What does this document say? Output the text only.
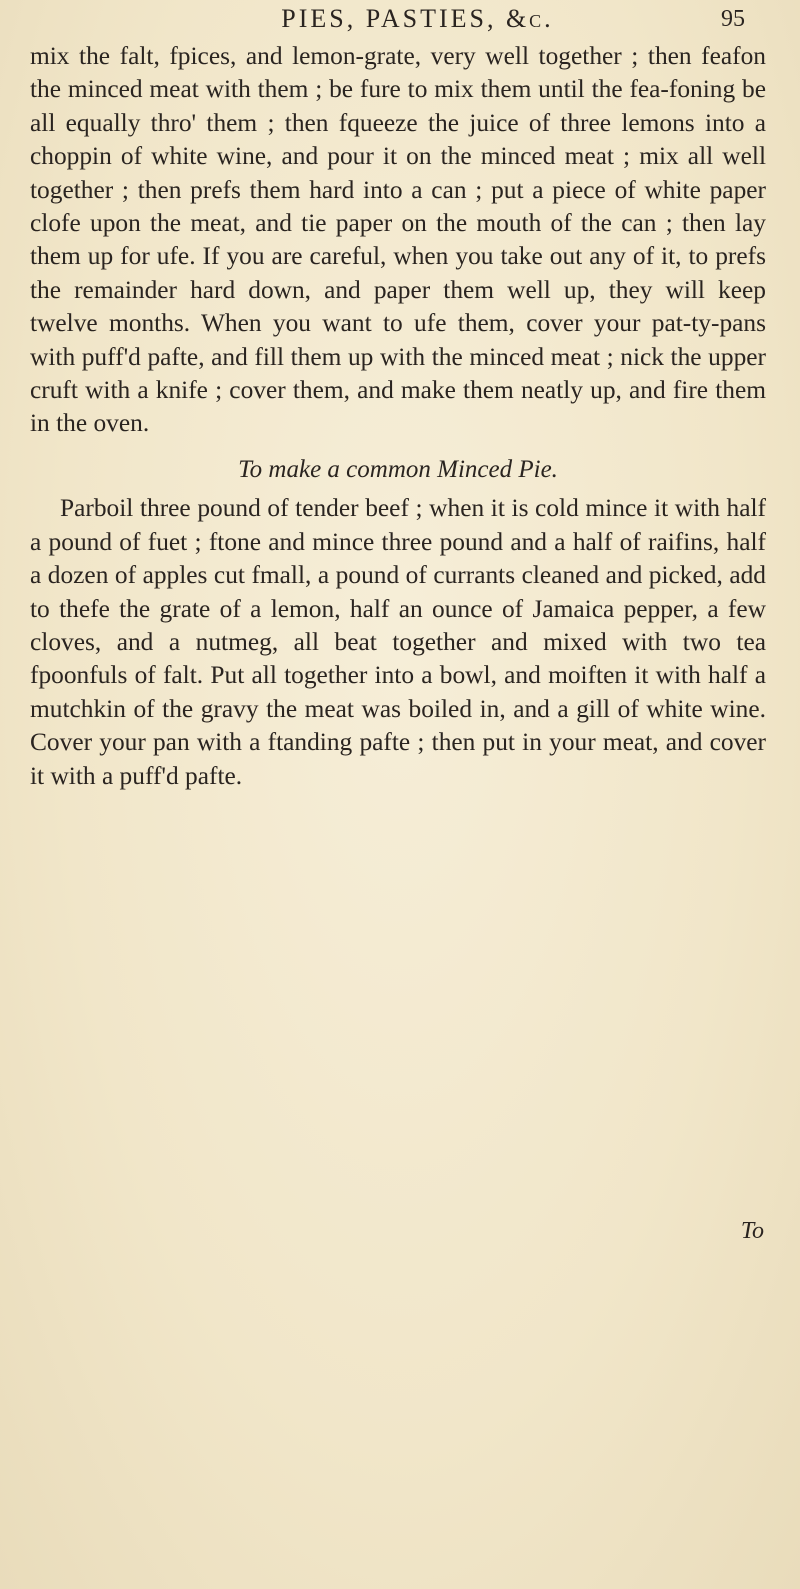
PIES, PASTIES, &c.	95

mix the falt, fpices, and lemon-grate, very well together ; then feafon the minced meat with them ; be fure to mix them until the fea-foning be all equally thro' them ; then fqueeze the juice of three lemons into a choppin of white wine, and pour it on the minced meat ; mix all well together ; then prefs them hard into a can ; put a piece of white paper clofe upon the meat, and tie paper on the mouth of the can ; then lay them up for ufe. If you are careful, when you take out any of it, to prefs the remainder hard down, and paper them well up, they will keep twelve months. When you want to ufe them, cover your pat-ty-pans with puff'd pafte, and fill them up with the minced meat ; nick the upper cruft with a knife ; cover them, and make them neatly up, and fire them in the oven.

To make a common Minced Pie.

Parboil three pound of tender beef ; when it is cold mince it with half a pound of fuet ; ftone and mince three pound and a half of raifins, half a dozen of apples cut fmall, a pound of currants cleaned and picked, add to thefe the grate of a lemon, half an ounce of Jamaica pepper, a few cloves, and a nutmeg, all beat together and mixed with two tea fpoonfuls of falt. Put all together into a bowl, and moiften it with half a mutchkin of the gravy the meat was boiled in, and a gill of white wine. Cover your pan with a ftanding pafte ; then put in your meat, and cover it with a puff'd pafte.

To
